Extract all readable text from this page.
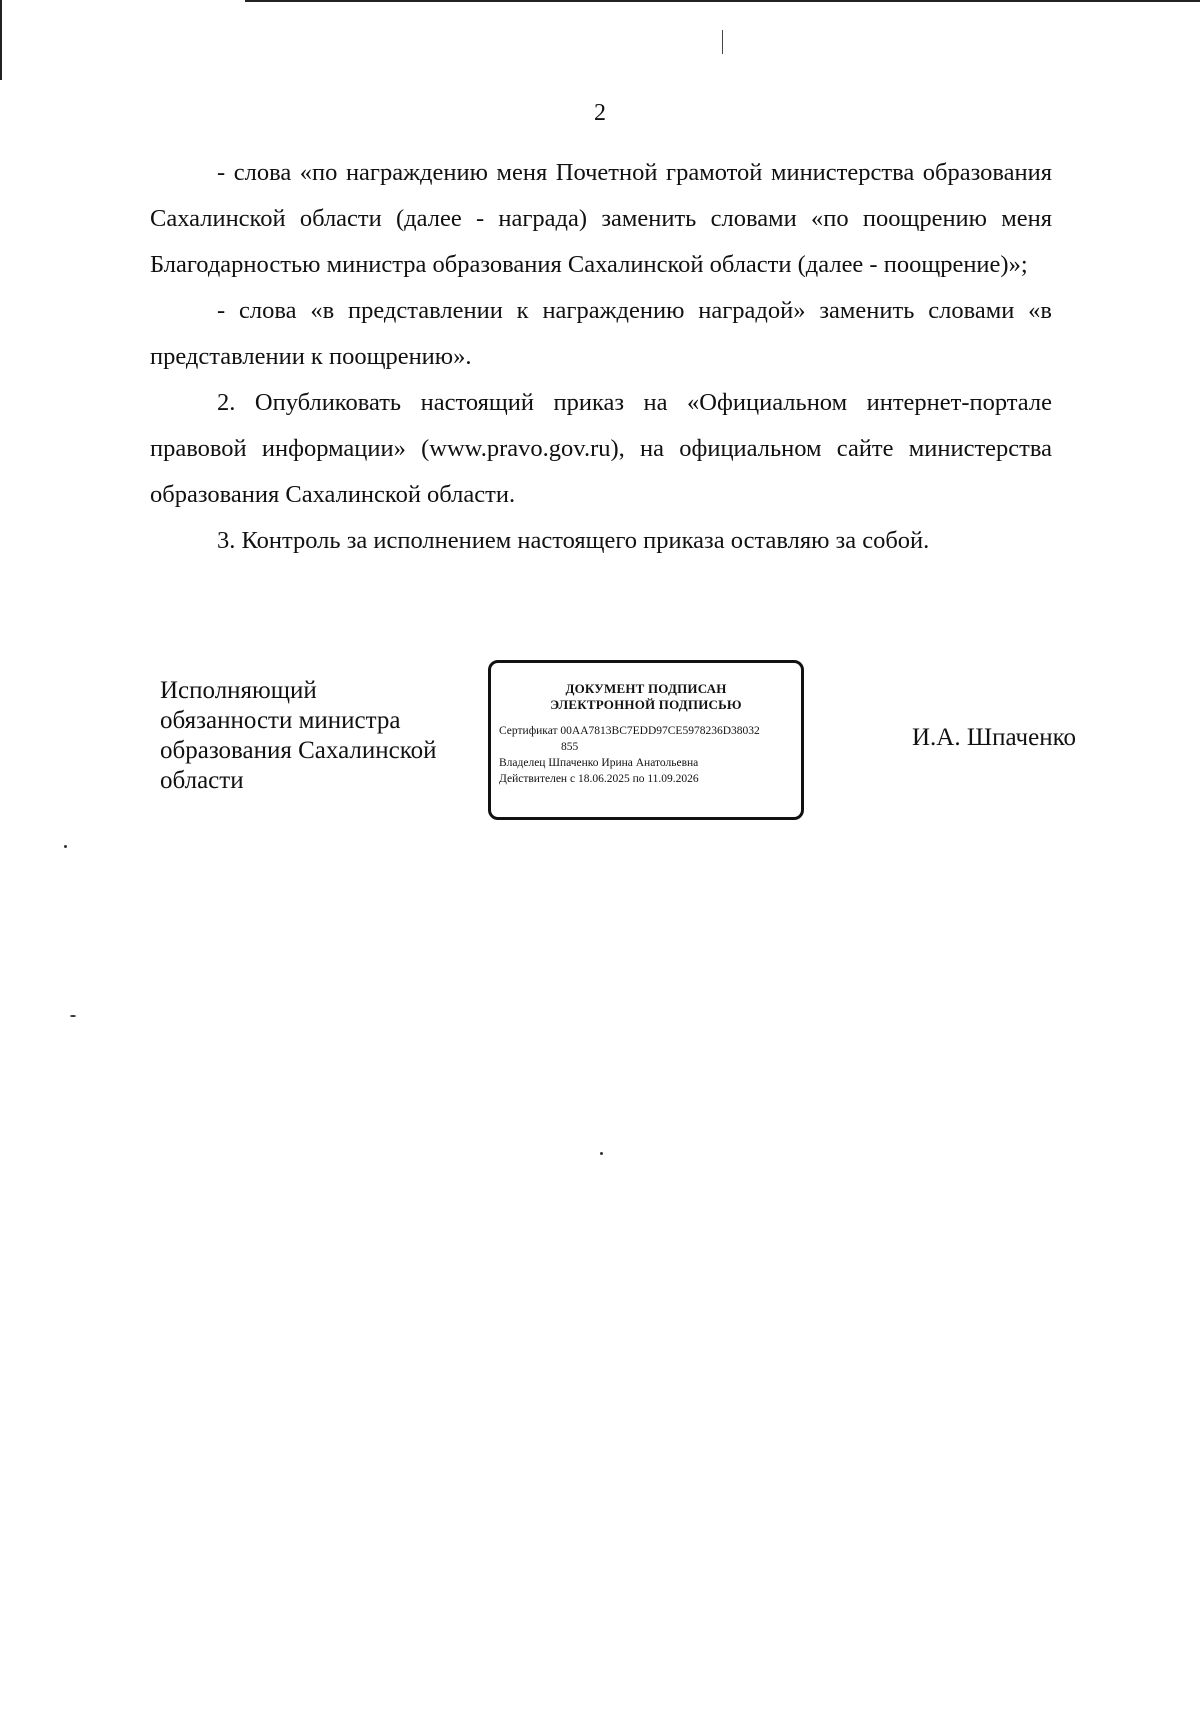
2

- слова «по награждению меня Почетной грамотой министерства образования Сахалинской области (далее - награда) заменить словами «по поощрению меня Благодарностью министра образования Сахалинской области (далее - поощрение)»;

- слова «в представлении к награждению наградой» заменить словами «в представлении к поощрению».

2. Опубликовать настоящий приказ на «Официальном интернет-портале правовой информации» (www.pravo.gov.ru), на официальном сайте министерства образования Сахалинской области.

3. Контроль за исполнением настоящего приказа оставляю за собой.

Исполняющий
обязанности министра
образования Сахалинской
области
ДОКУМЕНТ ПОДПИСАН
ЭЛЕКТРОННОЙ ПОДПИСЬЮ
Сертификат 00AA7813BC7EDD97CE5978236D38032
855
Владелец Шпаченко Ирина Анатольевна
Действителен с 18.06.2025 по 11.09.2026
И.А. Шпаченко
